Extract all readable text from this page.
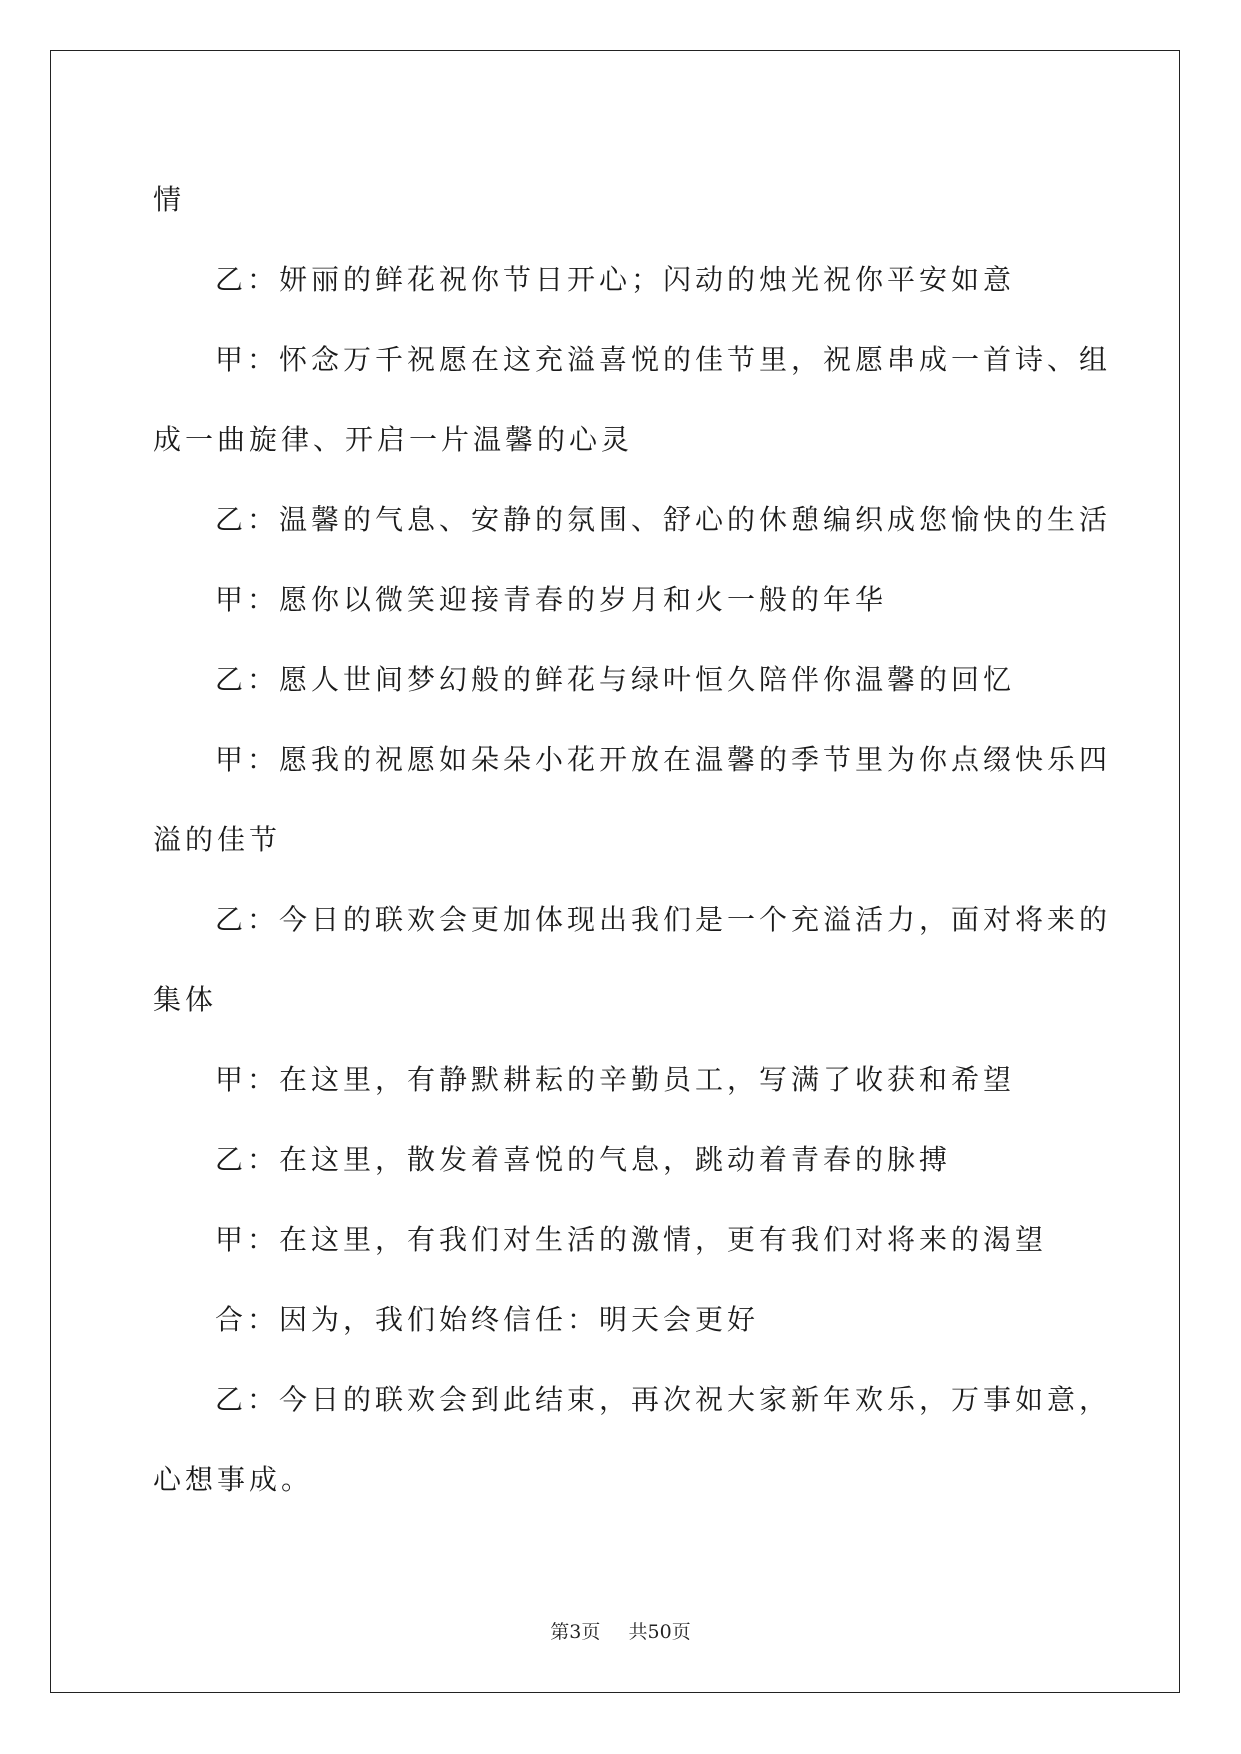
情
乙：妍丽的鲜花祝你节日开心；闪动的烛光祝你平安如意
甲：怀念万千祝愿在这充溢喜悦的佳节里，祝愿串成一首诗、组
成一曲旋律、开启一片温馨的心灵
乙：温馨的气息、安静的氛围、舒心的休憩编织成您愉快的生活
甲：愿你以微笑迎接青春的岁月和火一般的年华
乙：愿人世间梦幻般的鲜花与绿叶恒久陪伴你温馨的回忆
甲：愿我的祝愿如朵朵小花开放在温馨的季节里为你点缀快乐四
溢的佳节
乙：今日的联欢会更加体现出我们是一个充溢活力，面对将来的
集体
甲：在这里，有静默耕耘的辛勤员工，写满了收获和希望
乙：在这里，散发着喜悦的气息，跳动着青春的脉搏
甲：在这里，有我们对生活的激情，更有我们对将来的渴望
合：因为，我们始终信任：明天会更好
乙：今日的联欢会到此结束，再次祝大家新年欢乐，万事如意，
心想事成。
第3页 共50页
